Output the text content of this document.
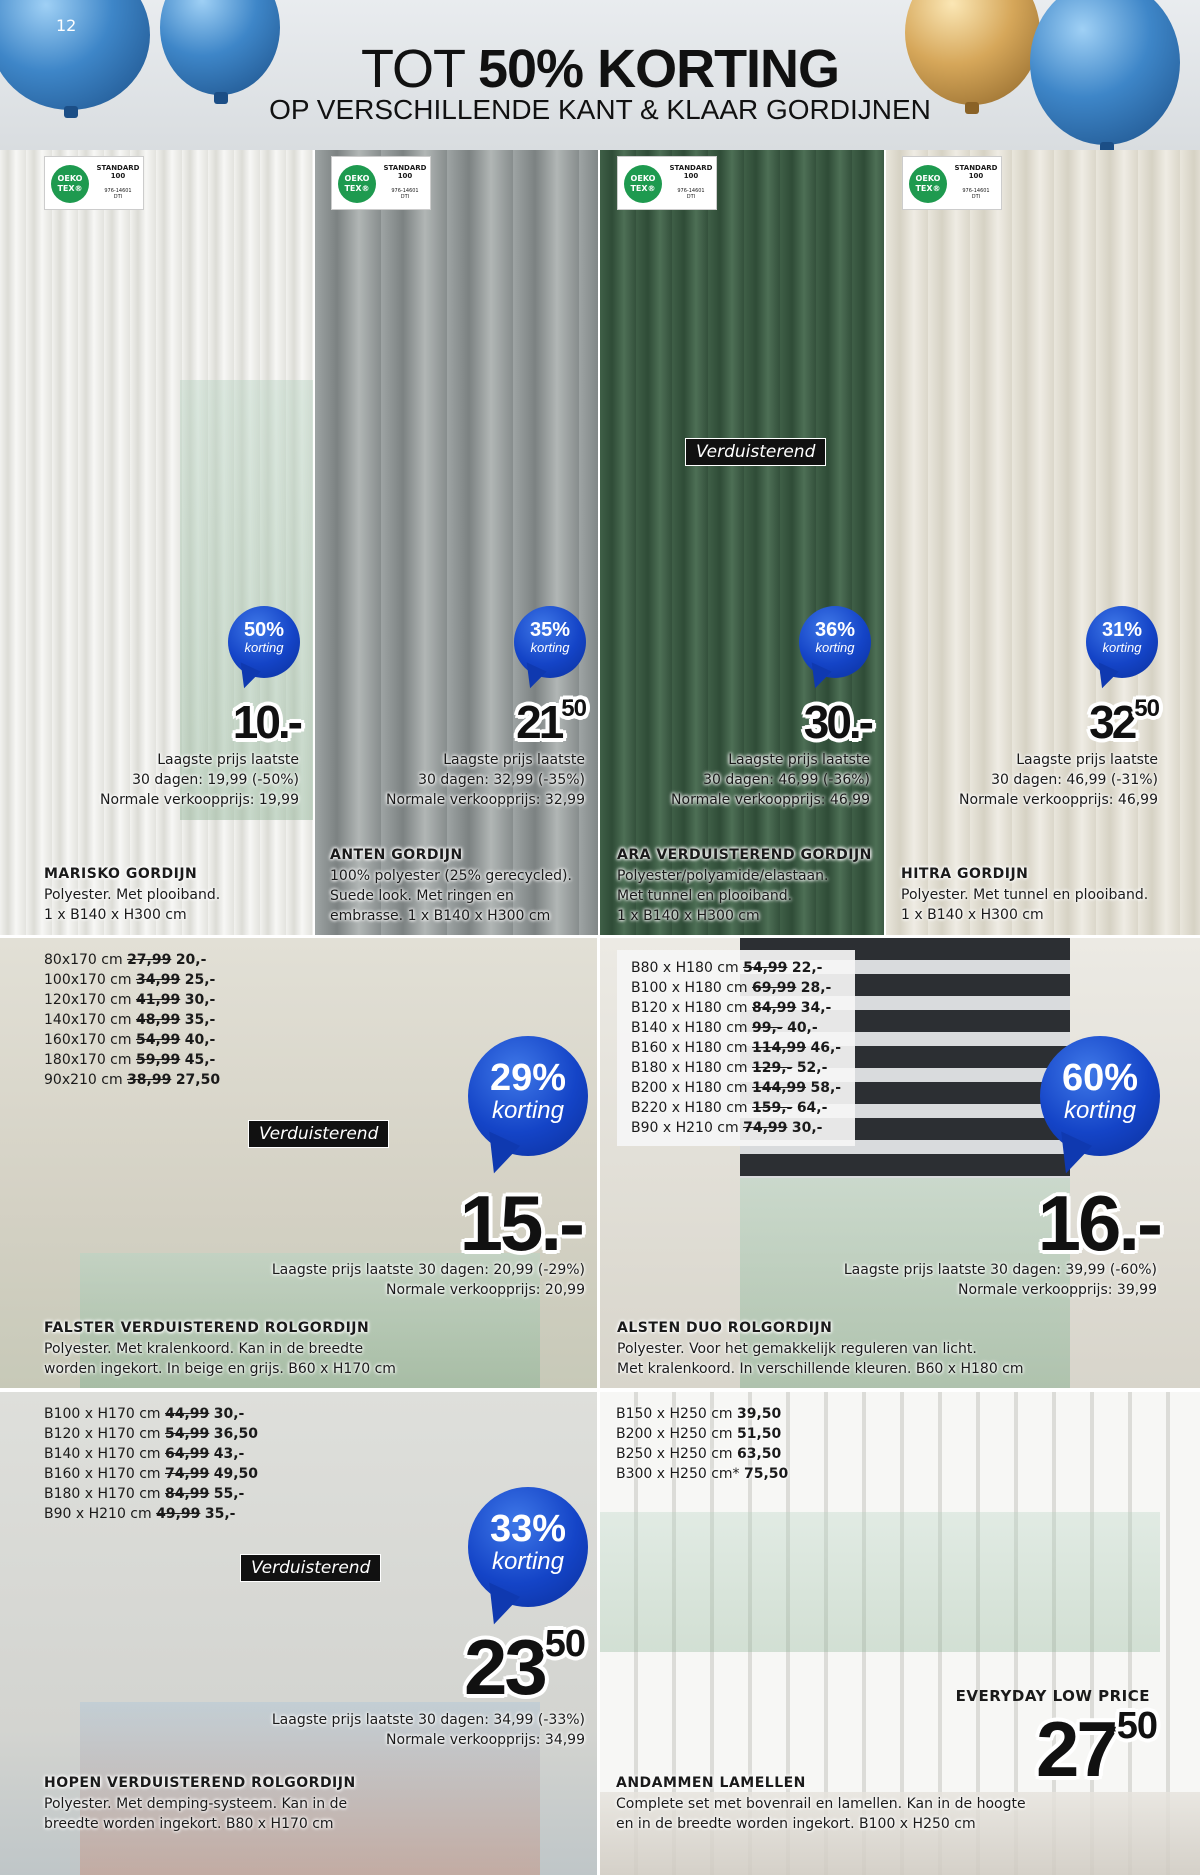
12
TOT 50% KORTING
OP VERSCHILLENDE KANT & KLAAR GORDIJNEN
OEKO TEX®
STANDARD 100
976-14601
DTI
50%
korting
10.-
Laagste prijs laatste
30 dagen: 19,99 (-50%)
Normale verkoopprijs: 19,99
MARISKO GORDIJN
Polyester. Met plooiband.
1 x B140 x H300 cm
OEKO TEX®
STANDARD 100
976-14601
DTI
35%
korting
2150
Laagste prijs laatste
30 dagen: 32,99 (-35%)
Normale verkoopprijs: 32,99
ANTEN GORDIJN
100% polyester (25% gerecycled).
Suede look. Met ringen en
embrasse. 1 x B140 x H300 cm
OEKO TEX®
STANDARD 100
976-14601
DTI
Verduisterend
36%
korting
30.-
Laagste prijs laatste
30 dagen: 46,99 (-36%)
Normale verkoopprijs: 46,99
ARA VERDUISTEREND GORDIJN
Polyester/polyamide/elastaan.
Met tunnel en plooiband.
1 x B140 x H300 cm
OEKO TEX®
STANDARD 100
976-14601
DTI
31%
korting
3250
Laagste prijs laatste
30 dagen: 46,99 (-31%)
Normale verkoopprijs: 46,99
HITRA GORDIJN
Polyester. Met tunnel en plooiband.
1 x B140 x H300 cm
80x170 cm 27,99 20,-
100x170 cm 34,99 25,-
120x170 cm 41,99 30,-
140x170 cm 48,99 35,-
160x170 cm 54,99 40,-
180x170 cm 59,99 45,-
90x210 cm 38,99 27,50
Verduisterend
29%
korting
15.-
Laagste prijs laatste 30 dagen: 20,99 (-29%)
Normale verkoopprijs: 20,99
FALSTER VERDUISTEREND ROLGORDIJN
Polyester. Met kralenkoord. Kan in de breedte
worden ingekort. In beige en grijs. B60 x H170 cm
B80 x H180 cm 54,99 22,-
B100 x H180 cm 69,99 28,-
B120 x H180 cm 84,99 34,-
B140 x H180 cm 99,- 40,-
B160 x H180 cm 114,99 46,-
B180 x H180 cm 129,- 52,-
B200 x H180 cm 144,99 58,-
B220 x H180 cm 159,- 64,-
B90 x H210 cm 74,99 30,-
60%
korting
16.-
Laagste prijs laatste 30 dagen: 39,99 (-60%)
Normale verkoopprijs: 39,99
ALSTEN DUO ROLGORDIJN
Polyester. Voor het gemakkelijk reguleren van licht.
Met kralenkoord. In verschillende kleuren. B60 x H180 cm
B100 x H170 cm 44,99 30,-
B120 x H170 cm 54,99 36,50
B140 x H170 cm 64,99 43,-
B160 x H170 cm 74,99 49,50
B180 x H170 cm 84,99 55,-
B90 x H210 cm 49,99 35,-
Verduisterend
33%
korting
2350
Laagste prijs laatste 30 dagen: 34,99 (-33%)
Normale verkoopprijs: 34,99
HOPEN VERDUISTEREND ROLGORDIJN
Polyester. Met demping-systeem. Kan in de
breedte worden ingekort. B80 x H170 cm
B150 x H250 cm 39,50
B200 x H250 cm 51,50
B250 x H250 cm 63,50
B300 x H250 cm* 75,50
EVERYDAY LOW PRICE
2750
ANDAMMEN LAMELLEN
Complete set met bovenrail en lamellen. Kan in de hoogte
en in de breedte worden ingekort. B100 x H250 cm
